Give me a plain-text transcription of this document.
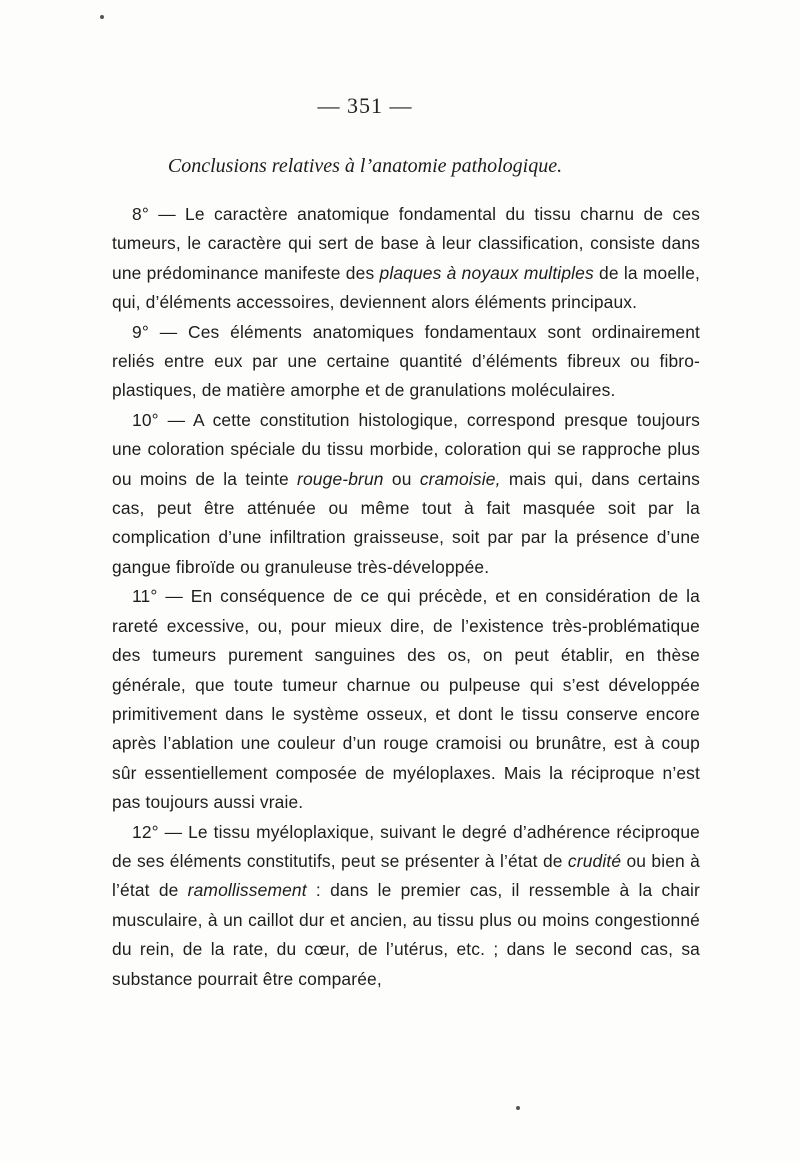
— 351 —
Conclusions relatives à l’anatomie pathologique.

8° — Le caractère anatomique fondamental du tissu charnu de ces tumeurs, le caractère qui sert de base à leur classification, consiste dans une prédominance manifeste des plaques à noyaux multiples de la moelle, qui, d’éléments accessoires, deviennent alors éléments principaux.

9° — Ces éléments anatomiques fondamentaux sont ordinairement reliés entre eux par une certaine quantité d’éléments fibreux ou fibro-plastiques, de matière amorphe et de granulations moléculaires.

10° — A cette constitution histologique, correspond presque toujours une coloration spéciale du tissu morbide, coloration qui se rapproche plus ou moins de la teinte rouge-brun ou cramoisie, mais qui, dans certains cas, peut être atténuée ou même tout à fait masquée soit par la complication d’une infiltration graisseuse, soit par par la présence d’une gangue fibroïde ou granuleuse très-développée.

11° — En conséquence de ce qui précède, et en considération de la rareté excessive, ou, pour mieux dire, de l’existence très-problématique des tumeurs purement sanguines des os, on peut établir, en thèse générale, que toute tumeur charnue ou pulpeuse qui s’est développée primitivement dans le système osseux, et dont le tissu conserve encore après l’ablation une couleur d’un rouge cramoisi ou brunâtre, est à coup sûr essentiellement composée de myéloplaxes. Mais la réciproque n’est pas toujours aussi vraie.

12° — Le tissu myéloplaxique, suivant le degré d’adhérence réciproque de ses éléments constitutifs, peut se présenter à l’état de crudité ou bien à l’état de ramollissement : dans le premier cas, il ressemble à la chair musculaire, à un caillot dur et ancien, au tissu plus ou moins congestionné du rein, de la rate, du cœur, de l’utérus, etc. ; dans le second cas, sa substance pourrait être comparée,
